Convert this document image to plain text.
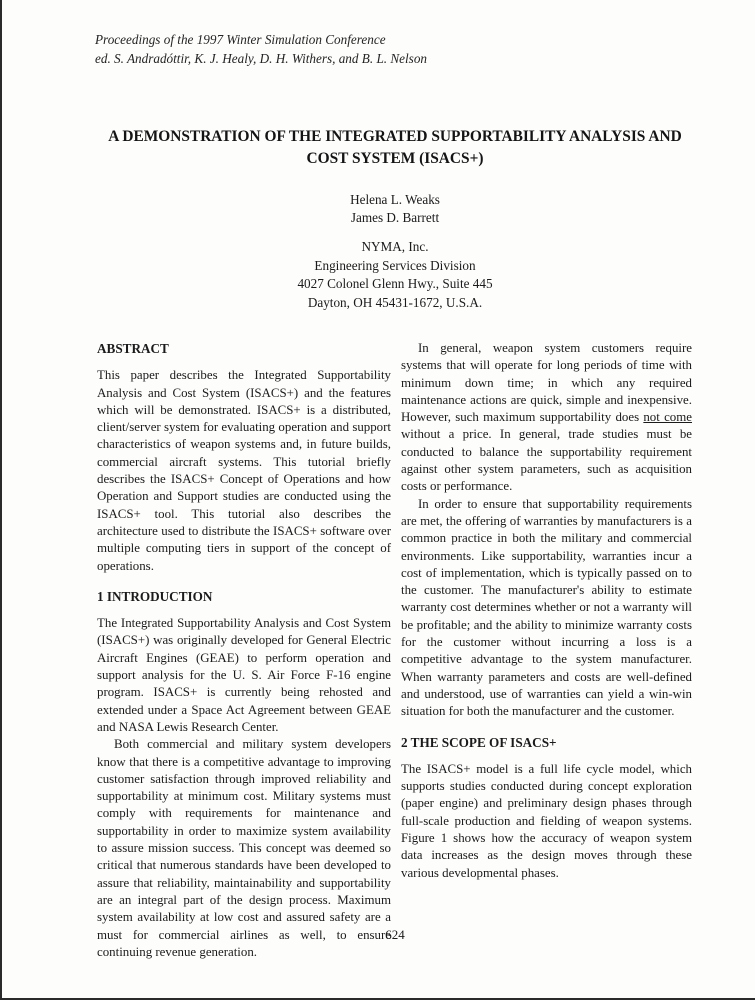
Proceedings of the 1997 Winter Simulation Conference
ed. S. Andradóttir, K. J. Healy, D. H. Withers, and B. L. Nelson
A DEMONSTRATION OF THE INTEGRATED SUPPORTABILITY ANALYSIS AND
COST SYSTEM (ISACS+)
Helena L. Weaks
James D. Barrett
NYMA, Inc.
Engineering Services Division
4027 Colonel Glenn Hwy., Suite 445
Dayton, OH 45431-1672, U.S.A.
ABSTRACT

This paper describes the Integrated Supportability Analysis and Cost System (ISACS+) and the features which will be demonstrated. ISACS+ is a distributed, client/server system for evaluating operation and support characteristics of weapon systems and, in future builds, commercial aircraft systems. This tutorial briefly describes the ISACS+ Concept of Operations and how Operation and Support studies are conducted using the ISACS+ tool. This tutorial also describes the architecture used to distribute the ISACS+ software over multiple computing tiers in support of the concept of operations.

1 INTRODUCTION

The Integrated Supportability Analysis and Cost System (ISACS+) was originally developed for General Electric Aircraft Engines (GEAE) to perform operation and support analysis for the U. S. Air Force F-16 engine program. ISACS+ is currently being rehosted and extended under a Space Act Agreement between GEAE and NASA Lewis Research Center.

Both commercial and military system developers know that there is a competitive advantage to improving customer satisfaction through improved reliability and supportability at minimum cost. Military systems must comply with requirements for maintenance and supportability in order to maximize system availability to assure mission success. This concept was deemed so critical that numerous standards have been developed to assure that reliability, maintainability and supportability are an integral part of the design process. Maximum system availability at low cost and assured safety are a must for commercial airlines as well, to ensure continuing revenue generation.

In general, weapon system customers require systems that will operate for long periods of time with minimum down time; in which any required maintenance actions are quick, simple and inexpensive. However, such maximum supportability does not come without a price. In general, trade studies must be conducted to balance the supportability requirement against other system parameters, such as acquisition costs or performance.

In order to ensure that supportability requirements are met, the offering of warranties by manufacturers is a common practice in both the military and commercial environments. Like supportability, warranties incur a cost of implementation, which is typically passed on to the customer. The manufacturer's ability to estimate warranty cost determines whether or not a warranty will be profitable; and the ability to minimize warranty costs for the customer without incurring a loss is a competitive advantage to the system manufacturer. When warranty parameters and costs are well-defined and understood, use of warranties can yield a win-win situation for both the manufacturer and the customer.

2 THE SCOPE OF ISACS+

The ISACS+ model is a full life cycle model, which supports studies conducted during concept exploration (paper engine) and preliminary design phases through full-scale production and fielding of weapon systems. Figure 1 shows how the accuracy of weapon system data increases as the design moves through these various developmental phases.

624
